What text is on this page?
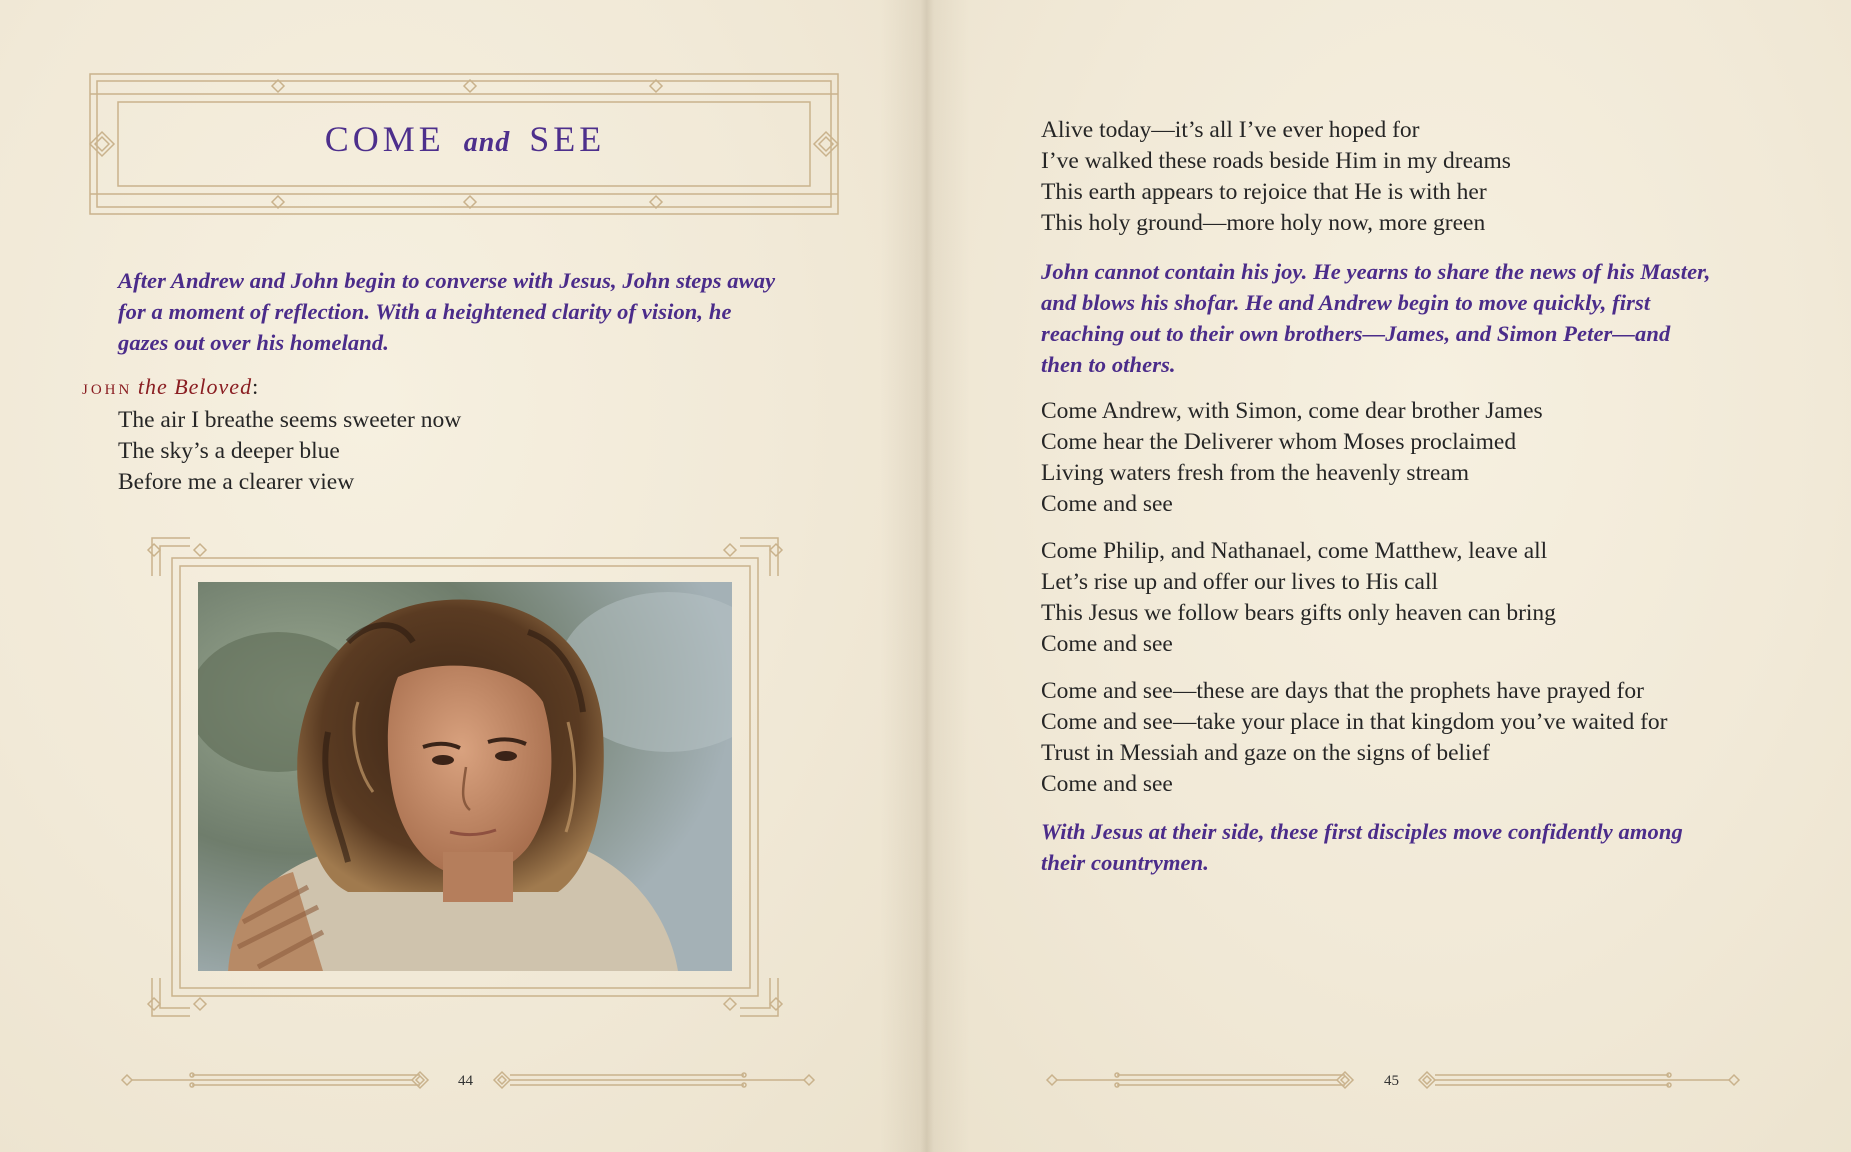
COME and SEE
After Andrew and John begin to converse with Jesus, John steps away for a moment of reflection. With a heightened clarity of vision, he gazes out over his homeland.
john the Beloved:
The air I breathe seems sweeter now
The sky’s a deeper blue
Before me a clearer view
44
Alive today—it’s all I’ve ever hoped for
I’ve walked these roads beside Him in my dreams
This earth appears to rejoice that He is with her
This holy ground—more holy now, more green
John cannot contain his joy. He yearns to share the news of his Master, and blows his shofar. He and Andrew begin to move quickly, first reaching out to their own brothers—James, and Simon Peter—and then to others.
Come Andrew, with Simon, come dear brother James
Come hear the Deliverer whom Moses proclaimed
Living waters fresh from the heavenly stream
Come and see
Come Philip, and Nathanael, come Matthew, leave all
Let’s rise up and offer our lives to His call
This Jesus we follow bears gifts only heaven can bring
Come and see
Come and see—these are days that the prophets have prayed for
Come and see—take your place in that kingdom you’ve waited for
Trust in Messiah and gaze on the signs of belief
Come and see
With Jesus at their side, these first disciples move confidently among their countrymen.
45
